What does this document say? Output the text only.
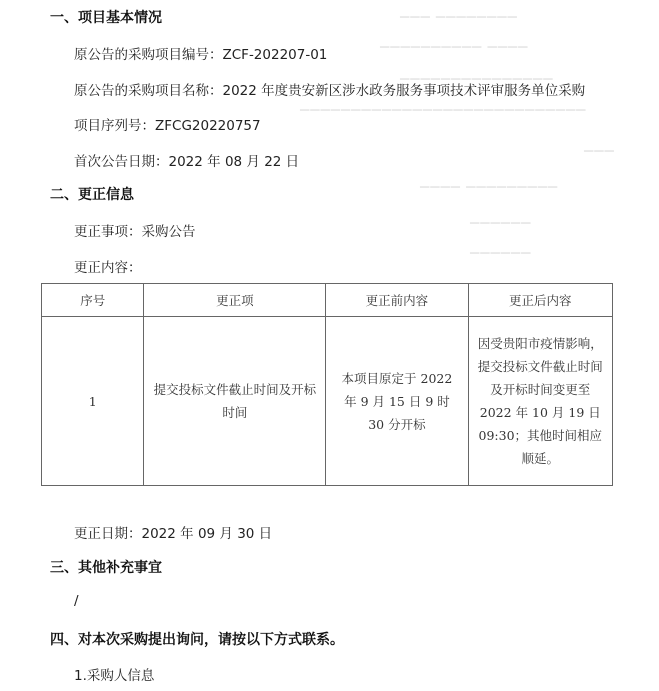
▁▁▁ ▁▁▁▁▁▁▁▁
▁▁▁▁▁▁▁▁▁▁ ▁▁▁▁
▁▁▁▁▁▁▁▁▁▁▁▁▁▁▁
▁▁▁▁▁▁▁▁▁▁▁▁▁▁▁▁▁▁▁▁▁▁▁▁▁▁▁▁
▁▁▁
▁▁▁▁ ▁▁▁▁▁▁▁▁▁
▁▁▁▁▁▁
▁▁▁▁▁▁
一、项目基本情况
原公告的采购项目编号：ZCF-202207-01
原公告的采购项目名称：2022 年度贵安新区涉水政务服务事项技术评审服务单位采购
项目序列号：ZFCG20220757
首次公告日期：2022 年 08 月 22 日
二、更正信息
更正事项：采购公告
更正内容：
序号	更正项	更正前内容	更正后内容
1	提交投标文件截止时间及开标时间	本项目原定于 2022 年 9 月 15 日 9 时 30 分开标	因受贵阳市疫情影响，提交投标文件截止时间及开标时间变更至 2022 年 10 月 19 日 09:30；其他时间相应顺延。
更正日期：2022 年 09 月 30 日
三、其他补充事宜
/
四、对本次采购提出询问，请按以下方式联系。
1.采购人信息
